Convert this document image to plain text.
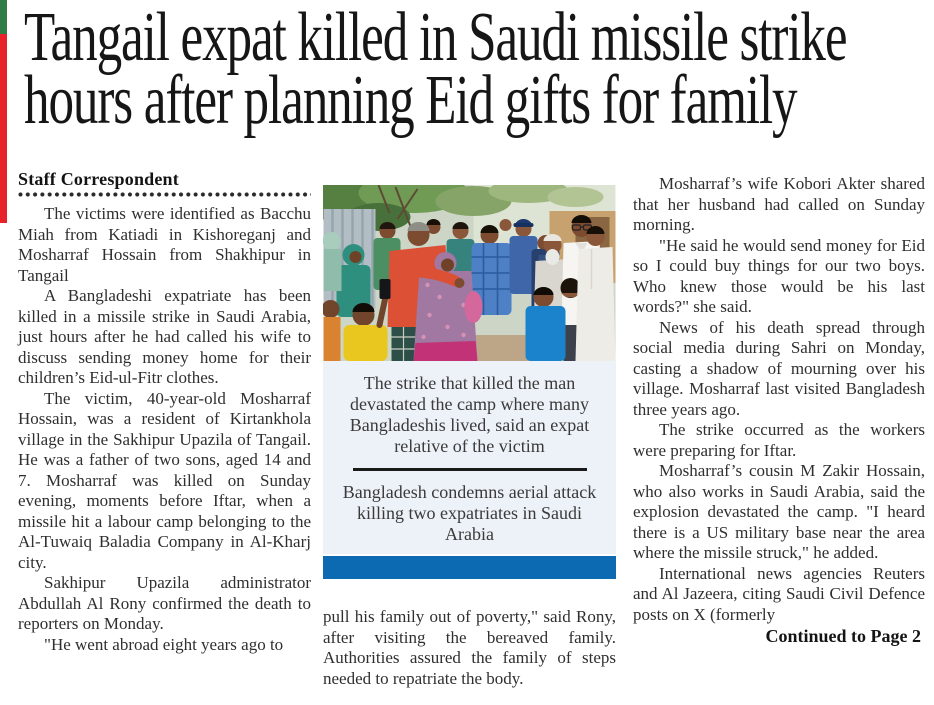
Tangail expat killed in Saudi missile strike
hours after planning Eid gifts for family
Staff Correspondent

The victims were identified as Bacchu Miah from Katiadi in Kishoreganj and Mosharraf Hossain from Shakhipur in Tangail

A Bangladeshi expatriate has been killed in a missile strike in Saudi Arabia, just hours after he had called his wife to discuss sending money home for their children’s Eid-ul-Fitr clothes.

The victim, 40-year-old Mosharraf Hossain, was a resident of Kirtankhola village in the Sakhipur Upazila of Tangail. He was a father of two sons, aged 14 and 7. Mosharraf was killed on Sunday evening, moments before Iftar, when a missile hit a labour camp belonging to the Al-Tuwaiq Baladia Company in Al-Kharj city.

Sakhipur Upazila administrator Abdullah Al Rony confirmed the death to reporters on Monday.

"He went abroad eight years ago to

The strike that killed the man devastated the camp where many Bangladeshis lived, said an expat relative of the victim

Bangladesh condemns aerial attack killing two expatriates in Saudi Arabia

pull his family out of poverty," said Rony, after visiting the bereaved family. Authorities assured the family of steps needed to repatriate the body.

Mosharraf’s wife Kobori Akter shared that her husband had called on Sunday morning.

"He said he would send money for Eid so I could buy things for our two boys. Who knew those would be his last words?" she said.

News of his death spread through social media during Sahri on Monday, casting a shadow of mourning over his village. Mosharraf last visited Bangladesh three years ago.

The strike occurred as the workers were preparing for Iftar.

Mosharraf’s cousin M Zakir Hossain, who also works in Saudi Arabia, said the explosion devastated the camp. "I heard there is a US military base near the area where the missile struck," he added.

International news agencies Reuters and Al Jazeera, citing Saudi Civil Defence posts on X (formerly

Continued to Page 2
